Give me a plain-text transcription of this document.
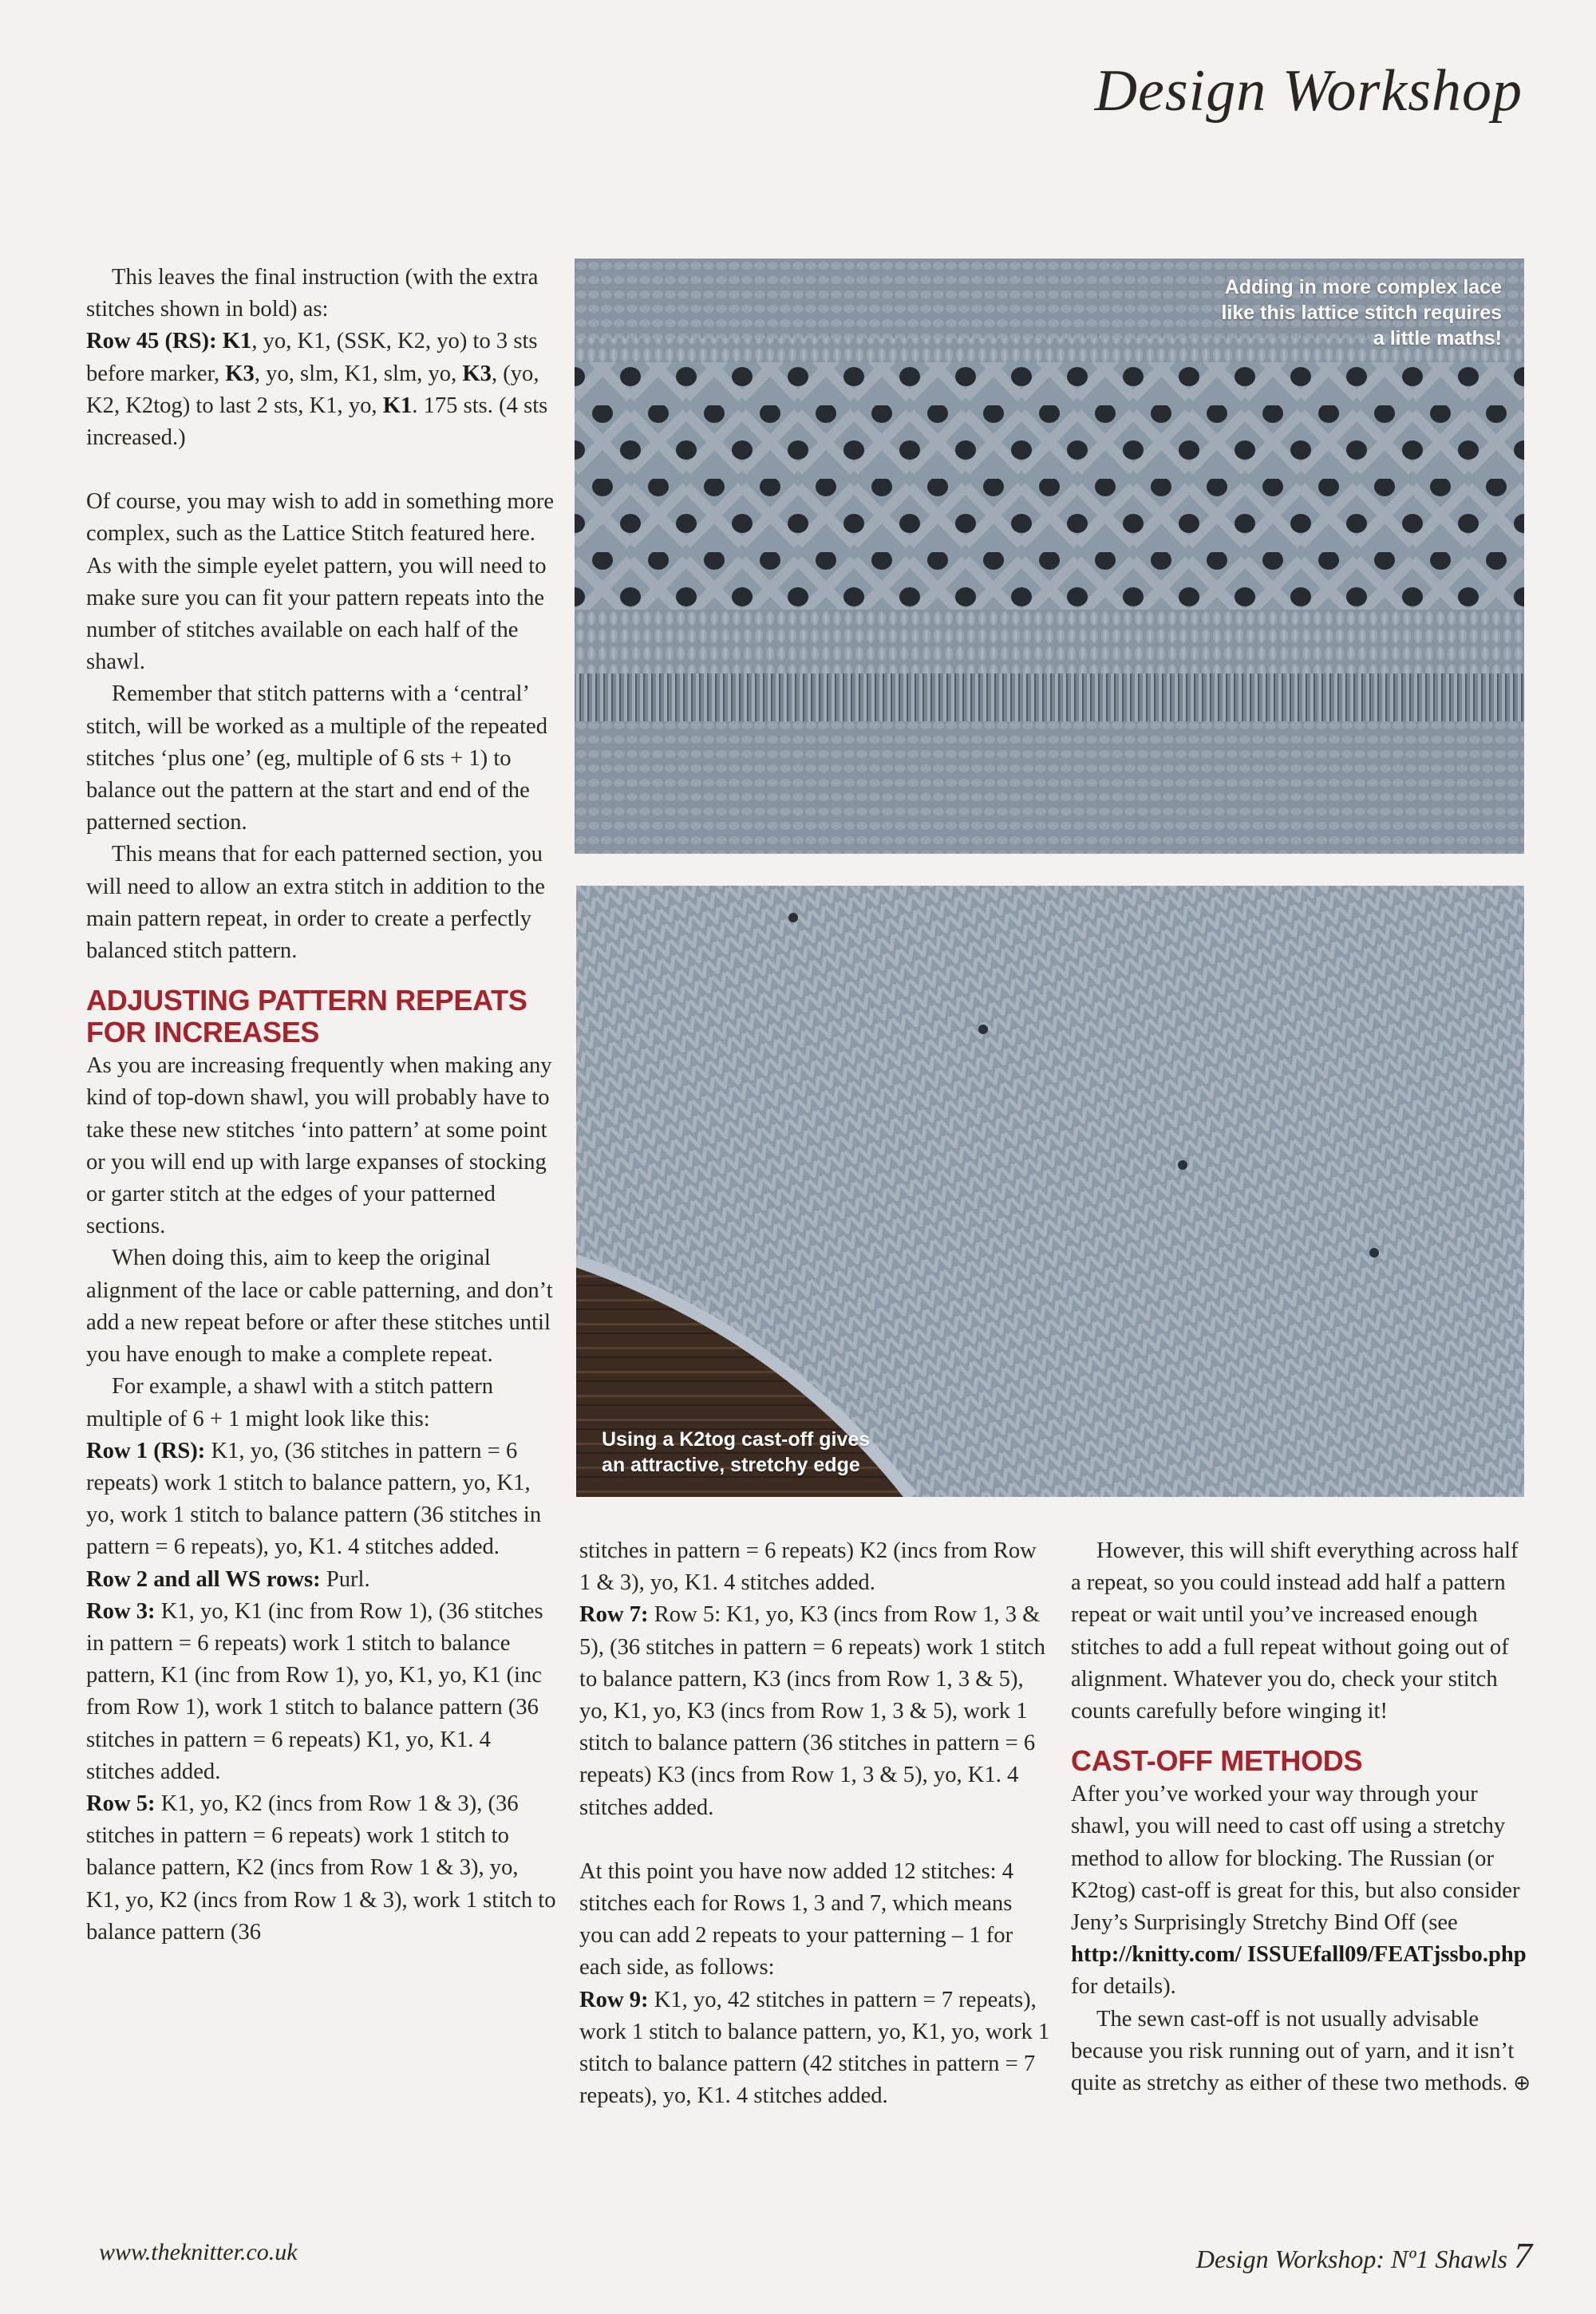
Design Workshop

This leaves the final instruction (with the extra stitches shown in bold) as:

Row 45 (RS): K1, yo, K1, (SSK, K2, yo) to 3 sts before marker, K3, yo, slm, K1, slm, yo, K3, (yo, K2, K2tog) to last 2 sts, K1, yo, K1. 175 sts. (4 sts increased.)

Of course, you may wish to add in something more complex, such as the Lattice Stitch featured here. As with the simple eyelet pattern, you will need to make sure you can fit your pattern repeats into the number of stitches available on each half of the shawl.

Remember that stitch patterns with a ‘central’ stitch, will be worked as a multiple of the repeated stitches ‘plus one’ (eg, multiple of 6 sts + 1) to balance out the pattern at the start and end of the patterned section.

This means that for each patterned section, you will need to allow an extra stitch in addition to the main pattern repeat, in order to create a perfectly balanced stitch pattern.

ADJUSTING PATTERN REPEATS FOR INCREASES

As you are increasing frequently when making any kind of top-down shawl, you will probably have to take these new stitches ‘into pattern’ at some point or you will end up with large expanses of stocking or garter stitch at the edges of your patterned sections.

When doing this, aim to keep the original alignment of the lace or cable patterning, and don’t add a new repeat before or after these stitches until you have enough to make a complete repeat.

For example, a shawl with a stitch pattern multiple of 6 + 1 might look like this:

Row 1 (RS): K1, yo, (36 stitches in pattern = 6 repeats) work 1 stitch to balance pattern, yo, K1, yo, work 1 stitch to balance pattern (36 stitches in pattern = 6 repeats), yo, K1. 4 stitches added.

Row 2 and all WS rows: Purl.

Row 3: K1, yo, K1 (inc from Row 1), (36 stitches in pattern = 6 repeats) work 1 stitch to balance pattern, K1 (inc from Row 1), yo, K1, yo, K1 (inc from Row 1), work 1 stitch to balance pattern (36 stitches in pattern = 6 repeats) K1, yo, K1. 4 stitches added.

Row 5: K1, yo, K2 (incs from Row 1 & 3), (36 stitches in pattern = 6 repeats) work 1 stitch to balance pattern, K2 (incs from Row 1 & 3), yo, K1, yo, K2 (incs from Row 1 & 3), work 1 stitch to balance pattern (36

Adding in more complex lace like this lattice stitch requires a little maths!
Using a K2tog cast-off gives an attractive, stretchy edge

stitches in pattern = 6 repeats) K2 (incs from Row 1 & 3), yo, K1. 4 stitches added.

Row 7: Row 5: K1, yo, K3 (incs from Row 1, 3 & 5), (36 stitches in pattern = 6 repeats) work 1 stitch to balance pattern, K3 (incs from Row 1, 3 & 5), yo, K1, yo, K3 (incs from Row 1, 3 & 5), work 1 stitch to balance pattern (36 stitches in pattern = 6 repeats) K3 (incs from Row 1, 3 & 5), yo, K1. 4 stitches added.

At this point you have now added 12 stitches: 4 stitches each for Rows 1, 3 and 7, which means you can add 2 repeats to your patterning – 1 for each side, as follows:

Row 9: K1, yo, 42 stitches in pattern = 7 repeats), work 1 stitch to balance pattern, yo, K1, yo, work 1 stitch to balance pattern (42 stitches in pattern = 7 repeats), yo, K1. 4 stitches added.

However, this will shift everything across half a repeat, so you could instead add half a pattern repeat or wait until you’ve increased enough stitches to add a full repeat without going out of alignment. Whatever you do, check your stitch counts carefully before winging it!

CAST-OFF METHODS

After you’ve worked your way through your shawl, you will need to cast off using a stretchy method to allow for blocking. The Russian (or K2tog) cast-off is great for this, but also consider Jeny’s Surprisingly Stretchy Bind Off (see http://knitty.com/ ISSUEfall09/FEATjssbo.php for details).

The sewn cast-off is not usually advisable because you risk running out of yarn, and it isn’t quite as stretchy as either of these two methods. ⊕

www.theknitter.co.uk	Design Workshop: Nº1 Shawls 7
